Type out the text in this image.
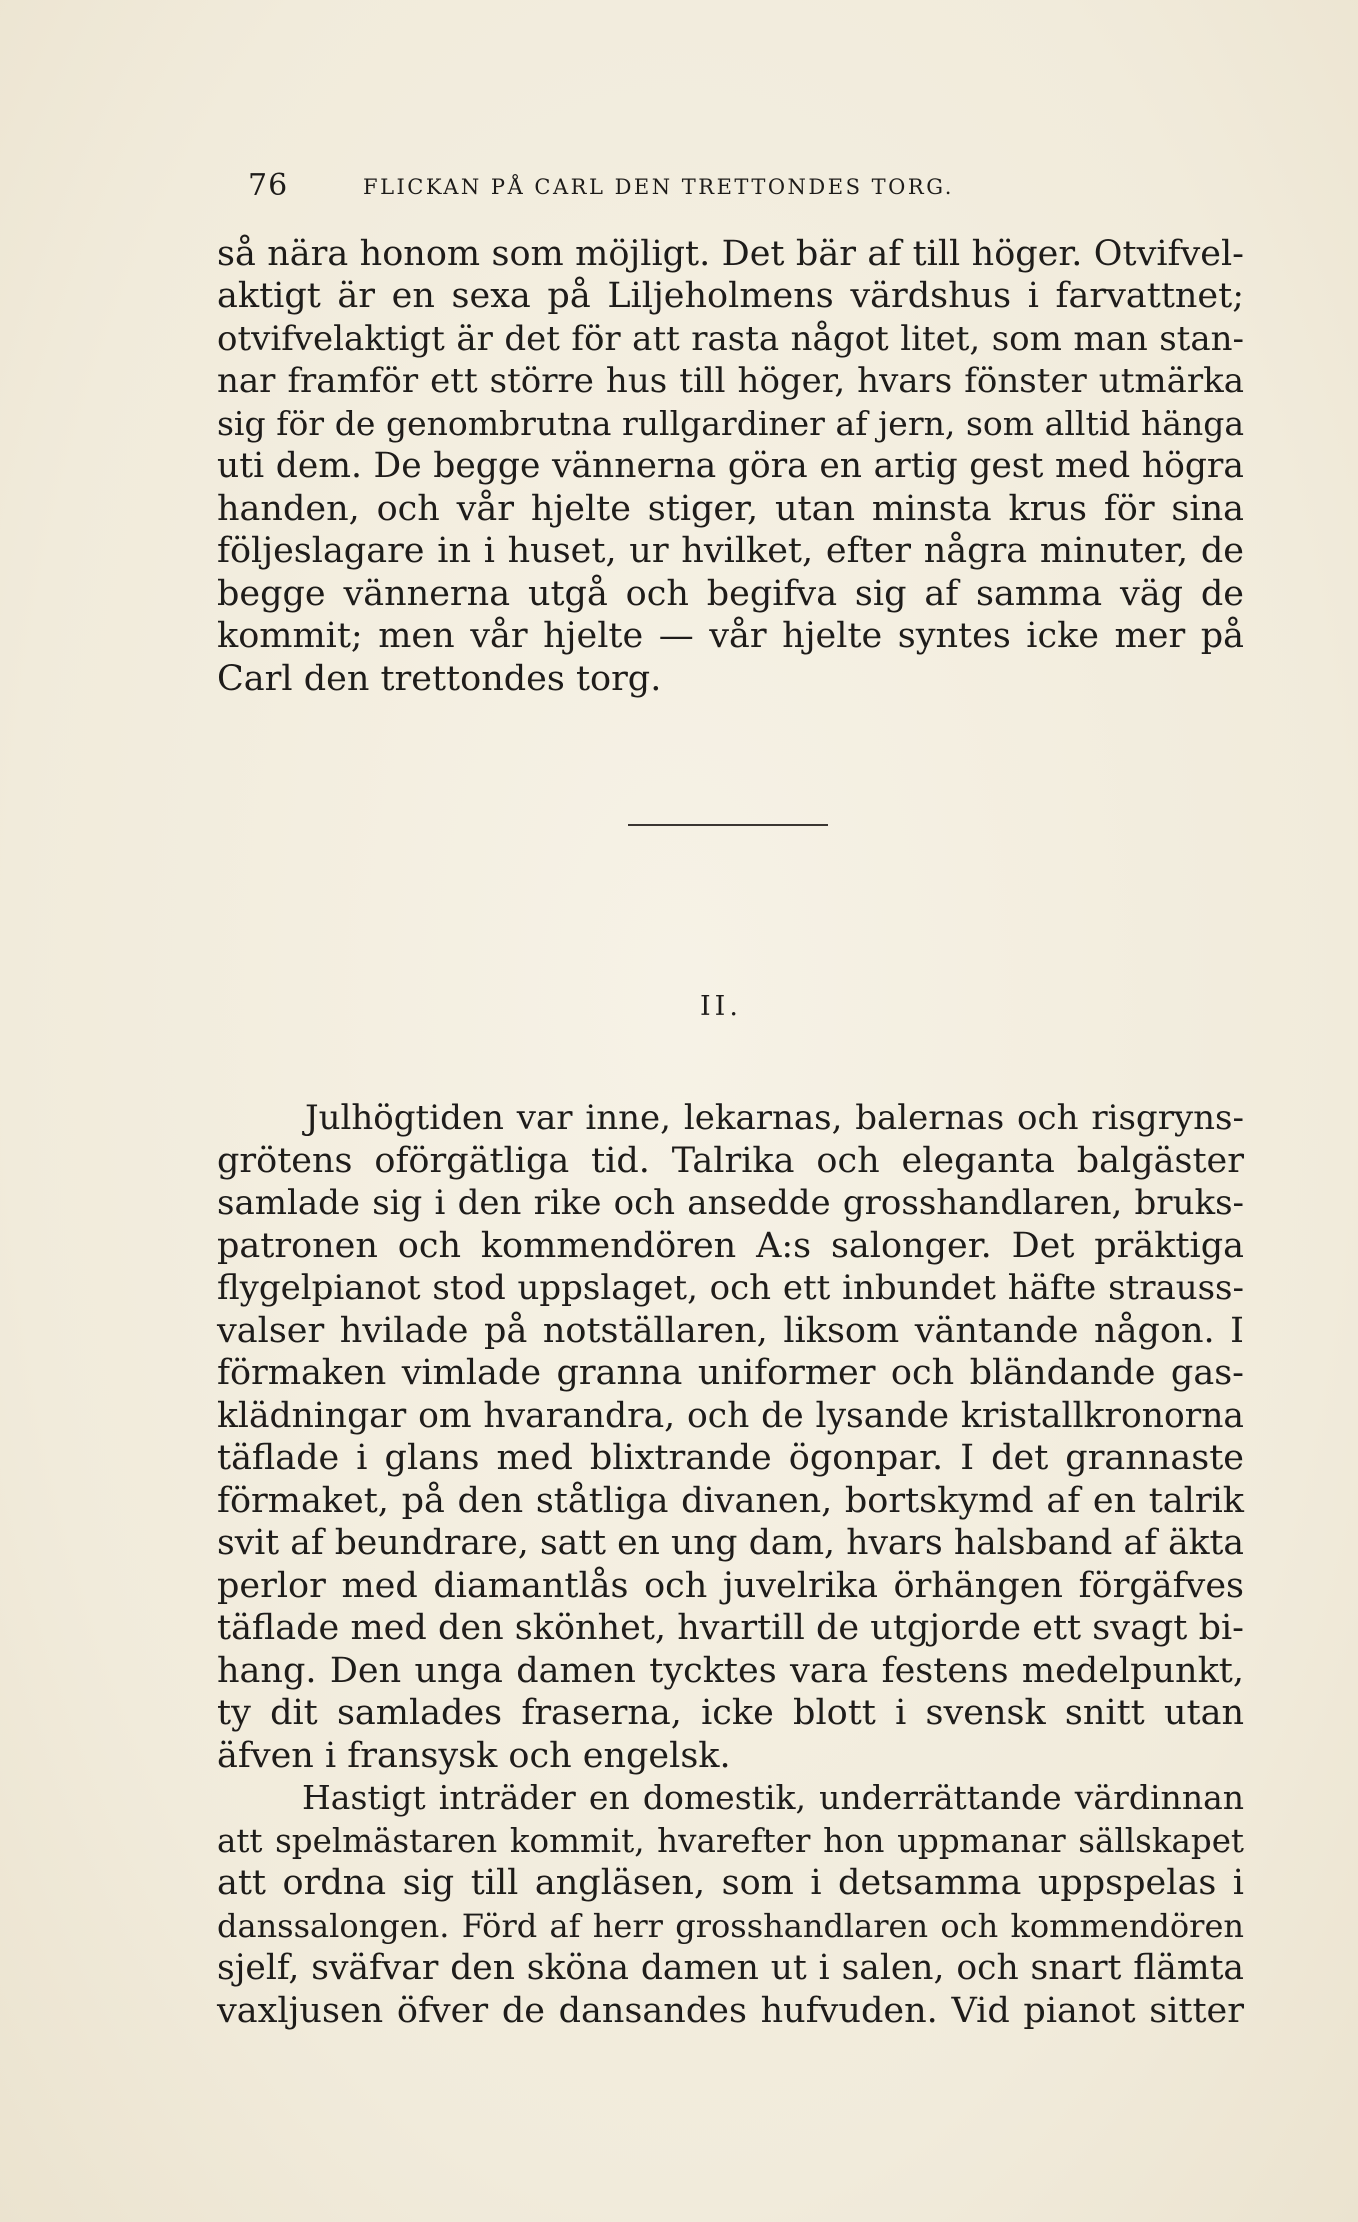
76	FLICKAN PÅ CARL DEN TRETTONDES TORG.
så nära honom som möjligt. Det bär af till höger. Otvifvel-
aktigt är en sexa på Liljeholmens värdshus i farvattnet;
otvifvelaktigt är det för att rasta något litet, som man stan-
nar framför ett större hus till höger, hvars fönster utmärka
sig för de genombrutna rullgardiner af jern, som alltid hänga
uti dem. De begge vännerna göra en artig gest med högra
handen, och vår hjelte stiger, utan minsta krus för sina
följeslagare in i huset, ur hvilket, efter några minuter, de
begge vännerna utgå och begifva sig af samma väg de
kommit; men vår hjelte — vår hjelte syntes icke mer på
Carl den trettondes torg.
II.
Julhögtiden var inne, lekarnas, balernas och risgryns-
grötens oförgätliga tid. Talrika och eleganta balgäster
samlade sig i den rike och ansedde grosshandlaren, bruks-
patronen och kommendören A:s salonger. Det präktiga
flygelpianot stod uppslaget, och ett inbundet häfte strauss-
valser hvilade på notställaren, liksom väntande någon. I
förmaken vimlade granna uniformer och bländande gas-
klädningar om hvarandra, och de lysande kristallkronorna
täflade i glans med blixtrande ögonpar. I det grannaste
förmaket, på den ståtliga divanen, bortskymd af en talrik
svit af beundrare, satt en ung dam, hvars halsband af äkta
perlor med diamantlås och juvelrika örhängen förgäfves
täflade med den skönhet, hvartill de utgjorde ett svagt bi-
hang. Den unga damen tycktes vara festens medelpunkt,
ty dit samlades fraserna, icke blott i svensk snitt utan
äfven i fransysk och engelsk.
Hastigt inträder en domestik, underrättande värdinnan
att spelmästaren kommit, hvarefter hon uppmanar sällskapet
att ordna sig till angläsen, som i detsamma uppspelas i
danssalongen. Förd af herr grosshandlaren och kommendören
sjelf, sväfvar den sköna damen ut i salen, och snart flämta
vaxljusen öfver de dansandes hufvuden. Vid pianot sitter
